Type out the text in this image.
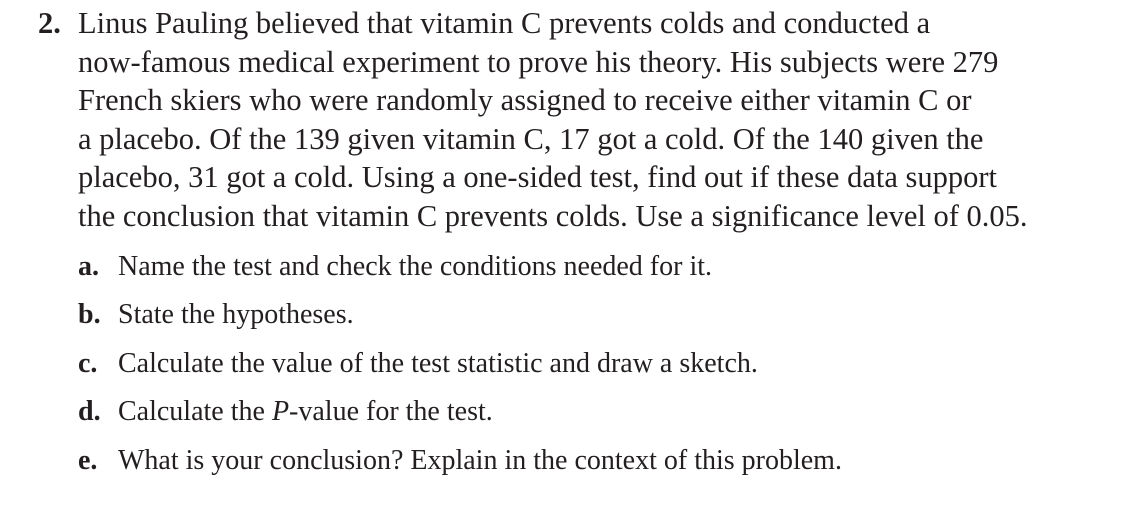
2. Linus Pauling believed that vitamin C prevents colds and conducted a
now-famous medical experiment to prove his theory. His subjects were 279
French skiers who were randomly assigned to receive either vitamin C or
a placebo. Of the 139 given vitamin C, 17 got a cold. Of the 140 given the
placebo, 31 got a cold. Using a one-sided test, find out if these data support
the conclusion that vitamin C prevents colds. Use a significance level of 0.05.
a. Name the test and check the conditions needed for it.
b. State the hypotheses.
c. Calculate the value of the test statistic and draw a sketch.
d. Calculate the P-value for the test.
e. What is your conclusion? Explain in the context of this problem.
